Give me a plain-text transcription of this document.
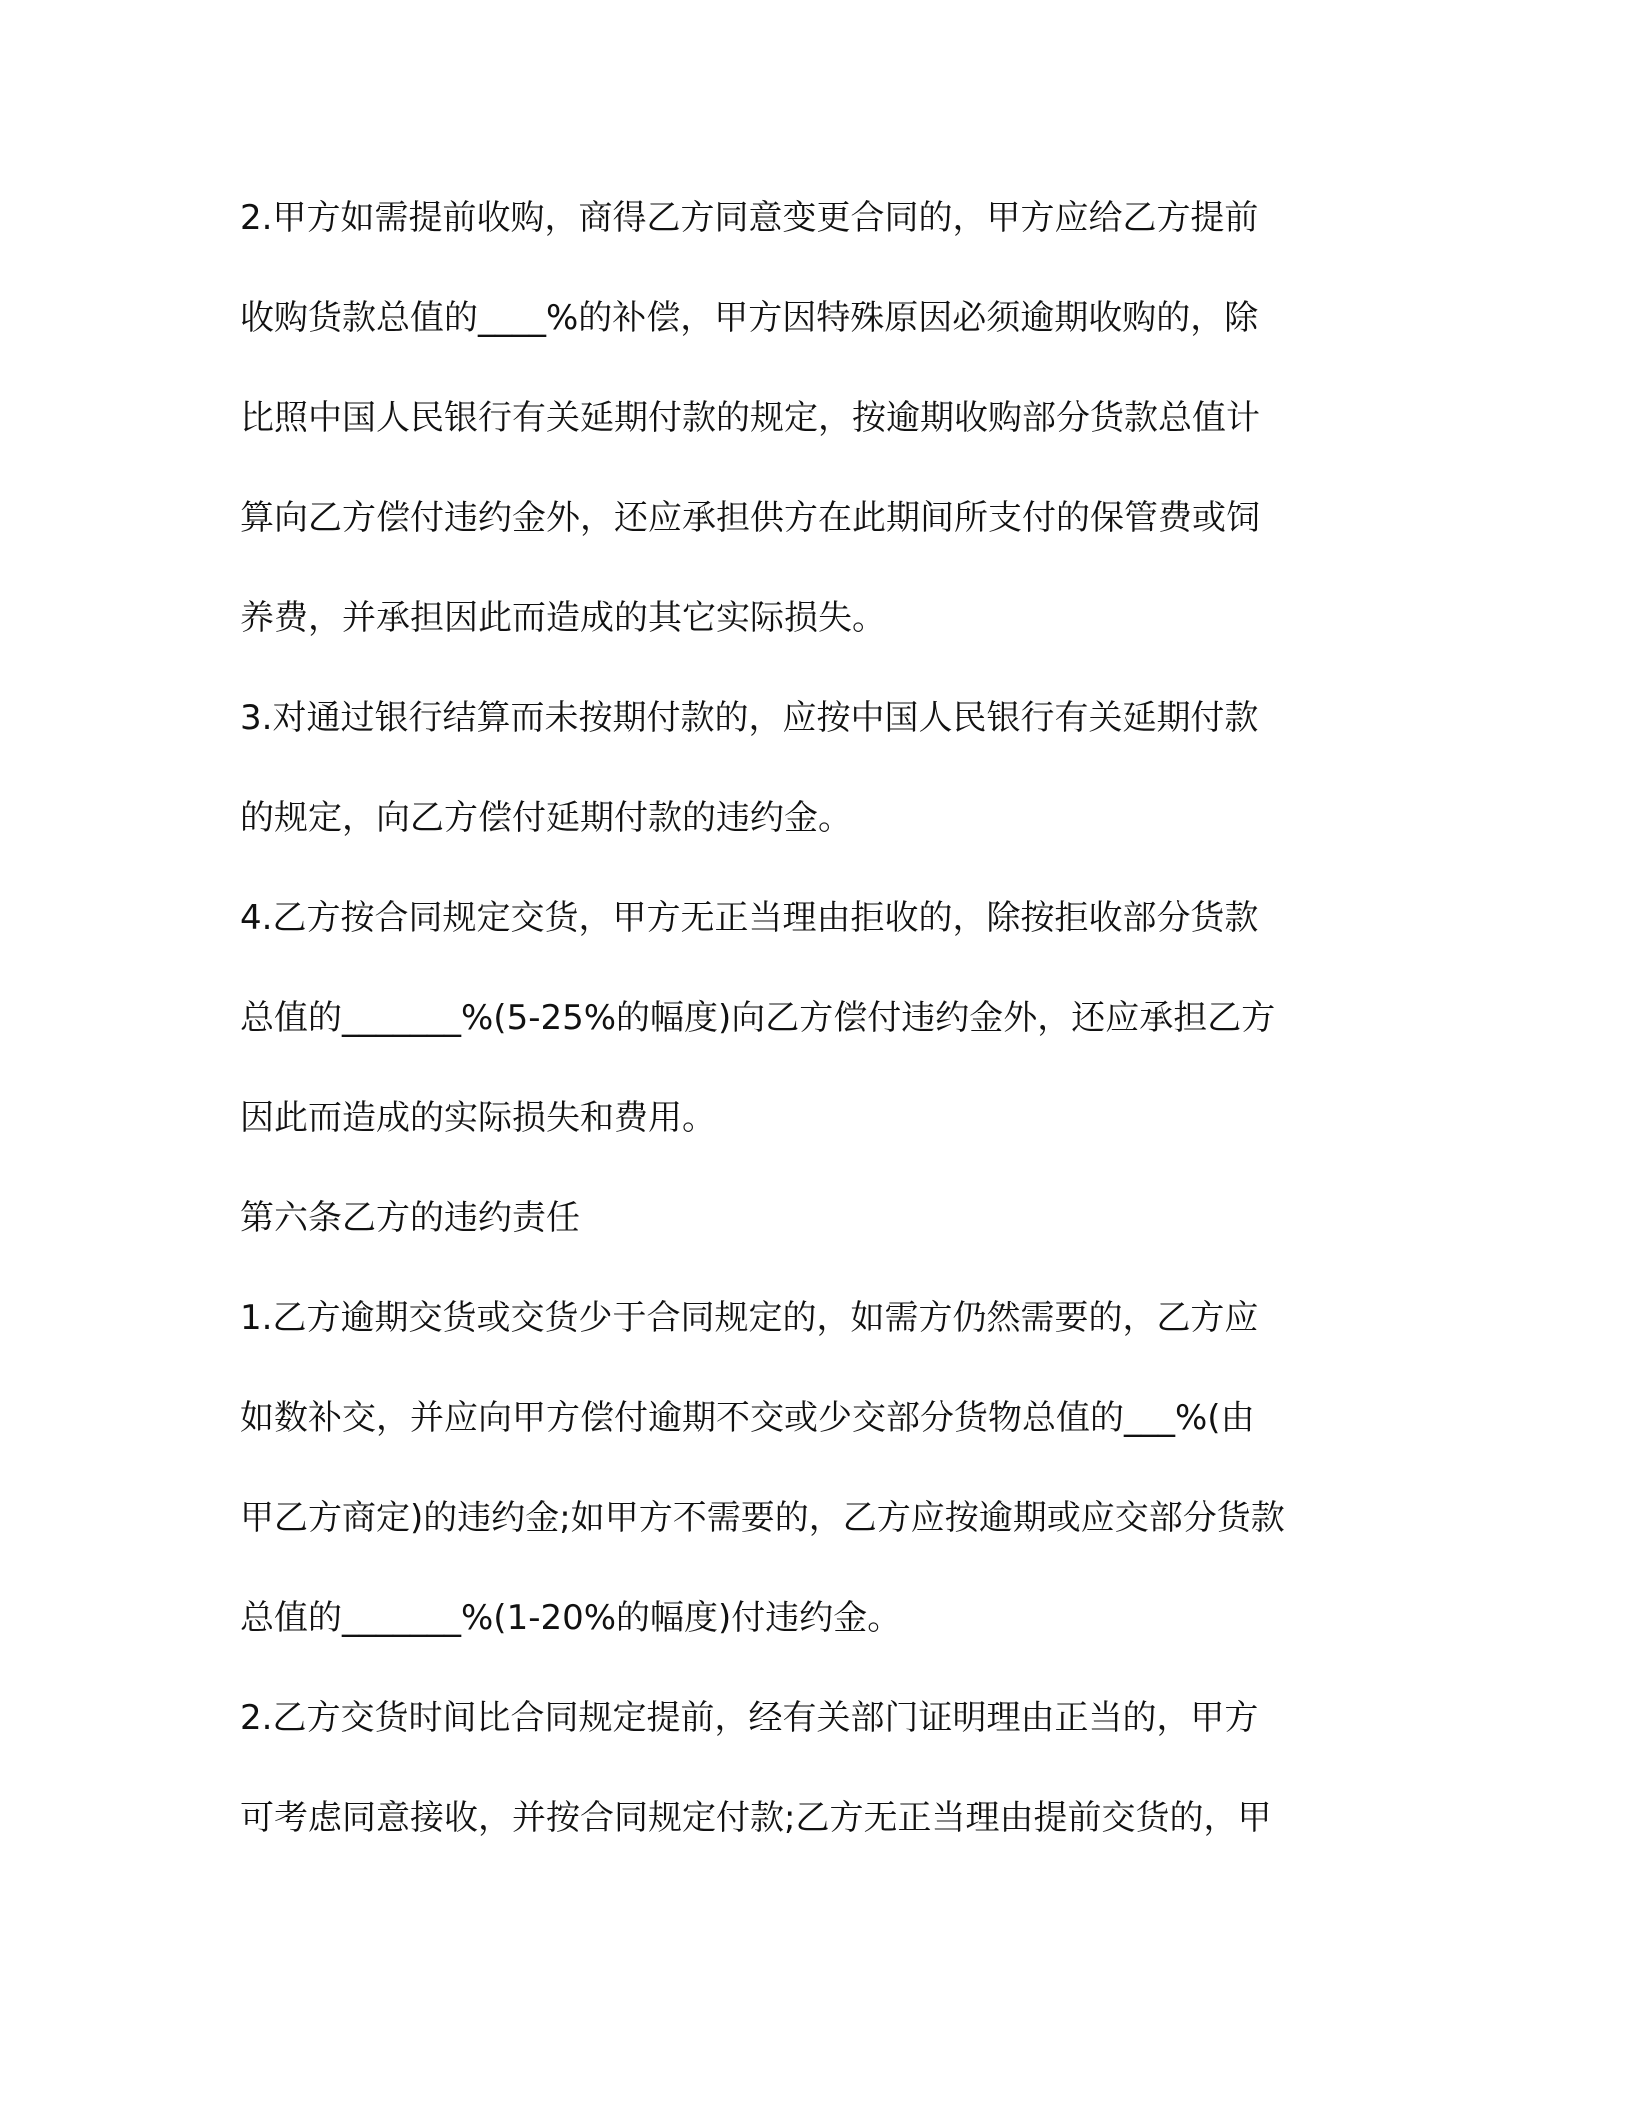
2.甲方如需提前收购，商得乙方同意变更合同的，甲方应给乙方提前
收购货款总值的____%的补偿，甲方因特殊原因必须逾期收购的，除
比照中国人民银行有关延期付款的规定，按逾期收购部分货款总值计
算向乙方偿付违约金外，还应承担供方在此期间所支付的保管费或饲
养费，并承担因此而造成的其它实际损失。
3.对通过银行结算而未按期付款的，应按中国人民银行有关延期付款
的规定，向乙方偿付延期付款的违约金。
4.乙方按合同规定交货，甲方无正当理由拒收的，除按拒收部分货款
总值的_______%(5-25%的幅度)向乙方偿付违约金外，还应承担乙方
因此而造成的实际损失和费用。
第六条乙方的违约责任
1.乙方逾期交货或交货少于合同规定的，如需方仍然需要的，乙方应
如数补交，并应向甲方偿付逾期不交或少交部分货物总值的___%(由
甲乙方商定)的违约金;如甲方不需要的，乙方应按逾期或应交部分货款
总值的_______%(1-20%的幅度)付违约金。
2.乙方交货时间比合同规定提前，经有关部门证明理由正当的，甲方
可考虑同意接收，并按合同规定付款;乙方无正当理由提前交货的，甲
